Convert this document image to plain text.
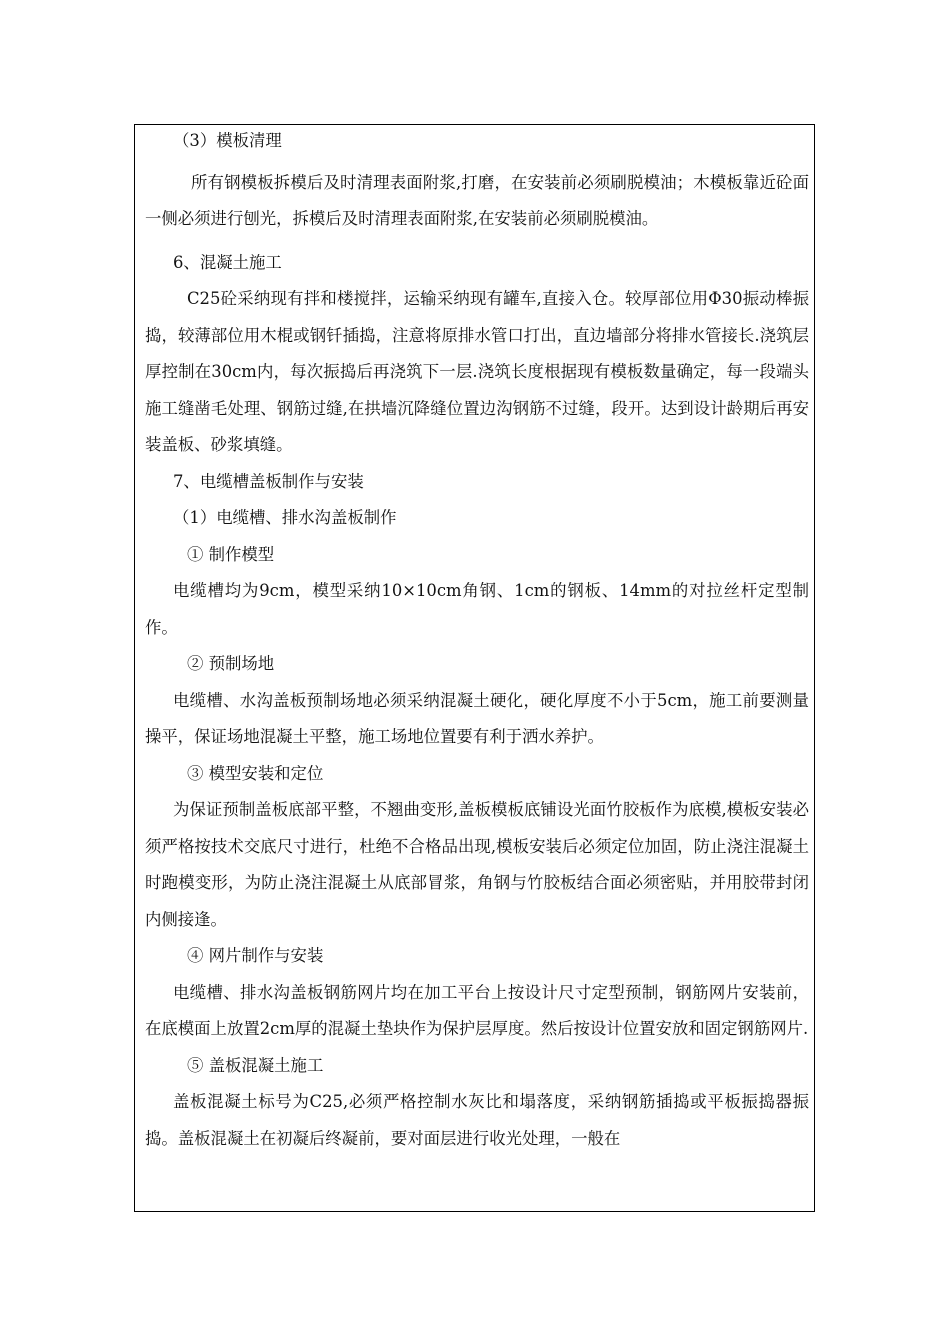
（3）模板清理

所有钢模板拆模后及时清理表面附浆,打磨，在安装前必须刷脱模油；木模板靠近砼面一侧必须进行刨光，拆模后及时清理表面附浆,在安装前必须刷脱模油。

6、混凝土施工

C25砼采纳现有拌和楼搅拌，运输采纳现有罐车,直接入仓。较厚部位用Φ30振动棒振捣，较薄部位用木棍或钢钎插捣，注意将原排水管口打出，直边墙部分将排水管接长.浇筑层厚控制在30cm内，每次振捣后再浇筑下一层.浇筑长度根据现有模板数量确定，每一段端头施工缝凿毛处理、钢筋过缝,在拱墙沉降缝位置边沟钢筋不过缝，段开。达到设计龄期后再安装盖板、砂浆填缝。

7、电缆槽盖板制作与安装

（1）电缆槽、排水沟盖板制作

① 制作模型

电缆槽均为9cm，模型采纳10×10cm角钢、1cm的钢板、14mm的对拉丝杆定型制作。

② 预制场地

电缆槽、水沟盖板预制场地必须采纳混凝土硬化，硬化厚度不小于5cm，施工前要测量操平，保证场地混凝土平整，施工场地位置要有利于洒水养护。

③ 模型安装和定位

为保证预制盖板底部平整，不翘曲变形,盖板模板底铺设光面竹胶板作为底模,模板安装必须严格按技术交底尺寸进行，杜绝不合格品出现,模板安装后必须定位加固，防止浇注混凝土时跑模变形，为防止浇注混凝土从底部冒浆，角钢与竹胶板结合面必须密贴，并用胶带封闭内侧接逢。

④ 网片制作与安装

电缆槽、排水沟盖板钢筋网片均在加工平台上按设计尺寸定型预制，钢筋网片安装前，在底模面上放置2cm厚的混凝土垫块作为保护层厚度。然后按设计位置安放和固定钢筋网片.

⑤ 盖板混凝土施工

盖板混凝土标号为C25,必须严格控制水灰比和塌落度，采纳钢筋插捣或平板振捣器振捣。盖板混凝土在初凝后终凝前，要对面层进行收光处理，一般在
